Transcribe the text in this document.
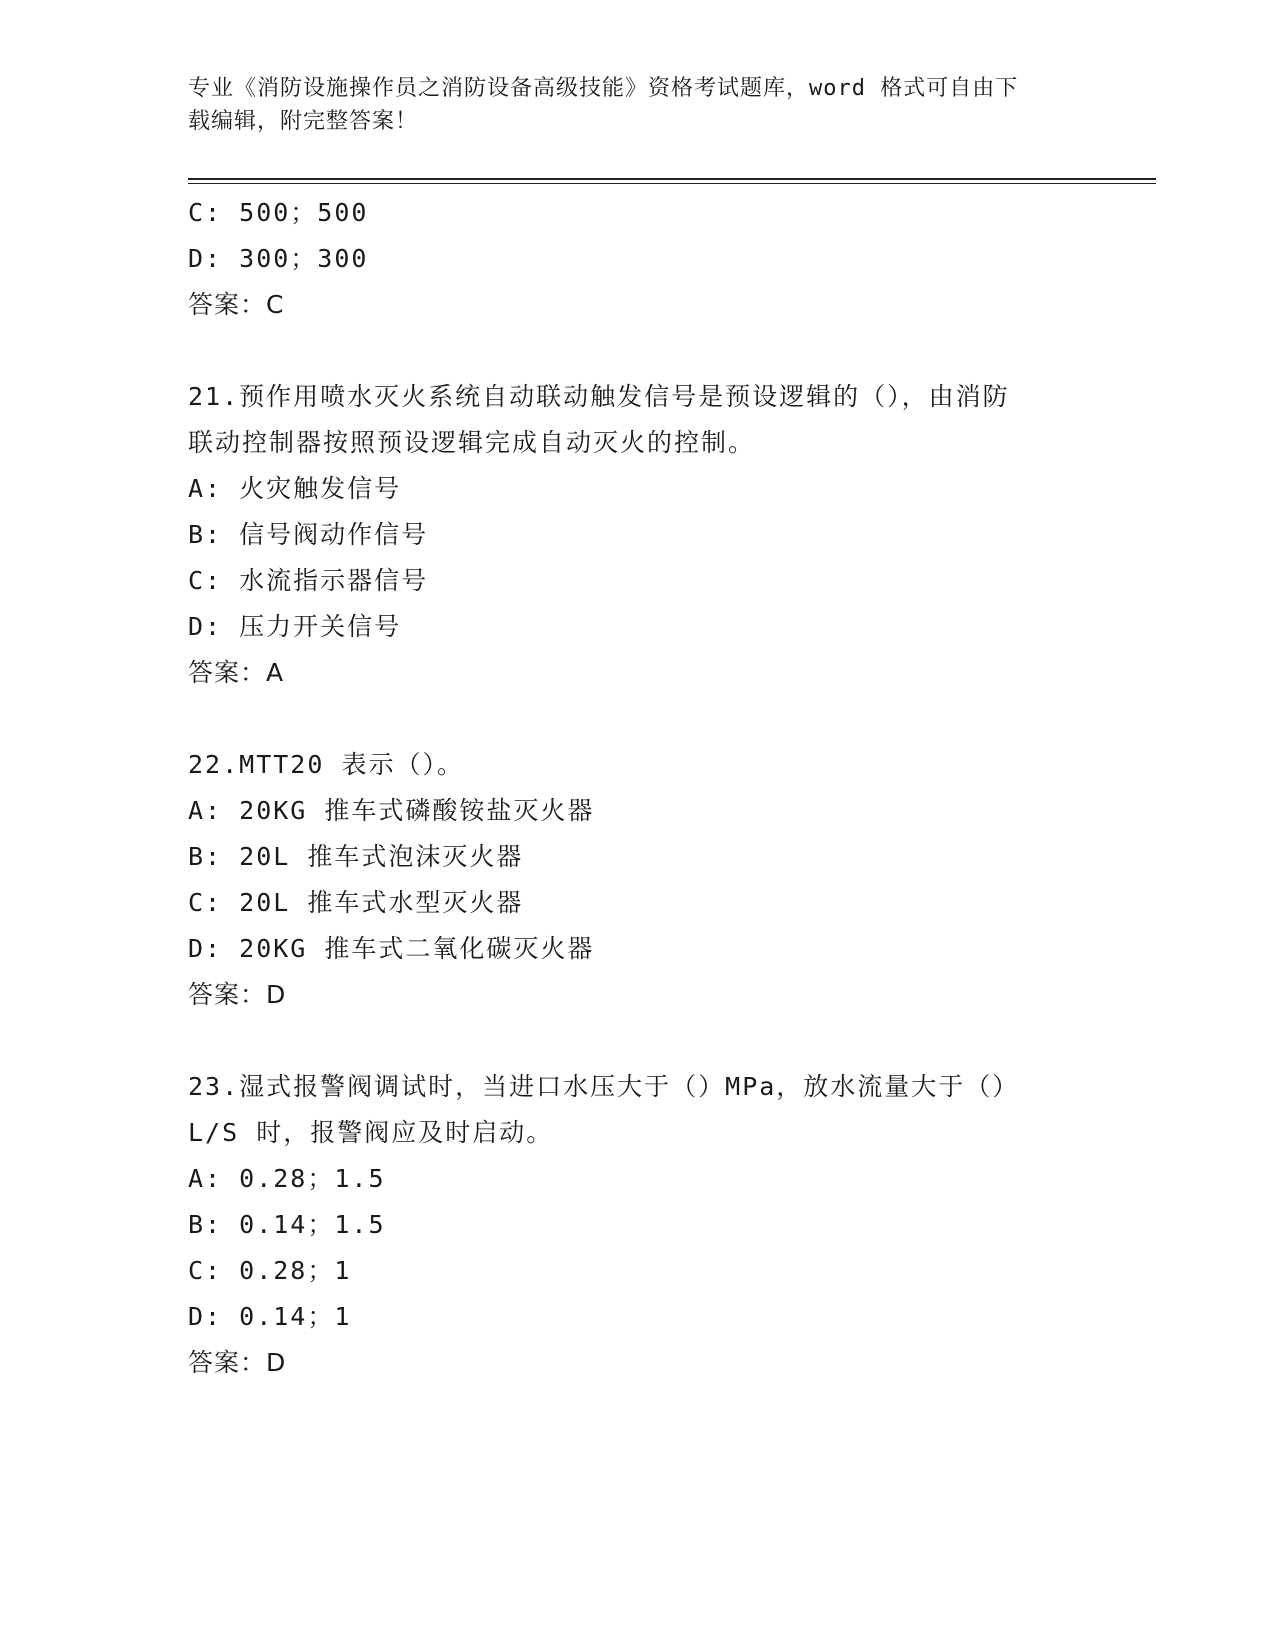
专业《消防设施操作员之消防设备高级技能》资格考试题库，word 格式可自由下
载编辑，附完整答案！
C: 500；500
D: 300；300
答案：C
21.预作用喷水灭火系统自动联动触发信号是预设逻辑的（），由消防
联动控制器按照预设逻辑完成自动灭火的控制。
A: 火灾触发信号
B: 信号阀动作信号
C: 水流指示器信号
D: 压力开关信号
答案：A
22.MTT20 表示（）。
A: 20KG 推车式磷酸铵盐灭火器
B: 20L 推车式泡沫灭火器
C: 20L 推车式水型灭火器
D: 20KG 推车式二氧化碳灭火器
答案：D
23.湿式报警阀调试时，当进口水压大于（）MPa，放水流量大于（）
L/S 时，报警阀应及时启动。
A: 0.28；1.5
B: 0.14；1.5
C: 0.28；1
D: 0.14；1
答案：D
